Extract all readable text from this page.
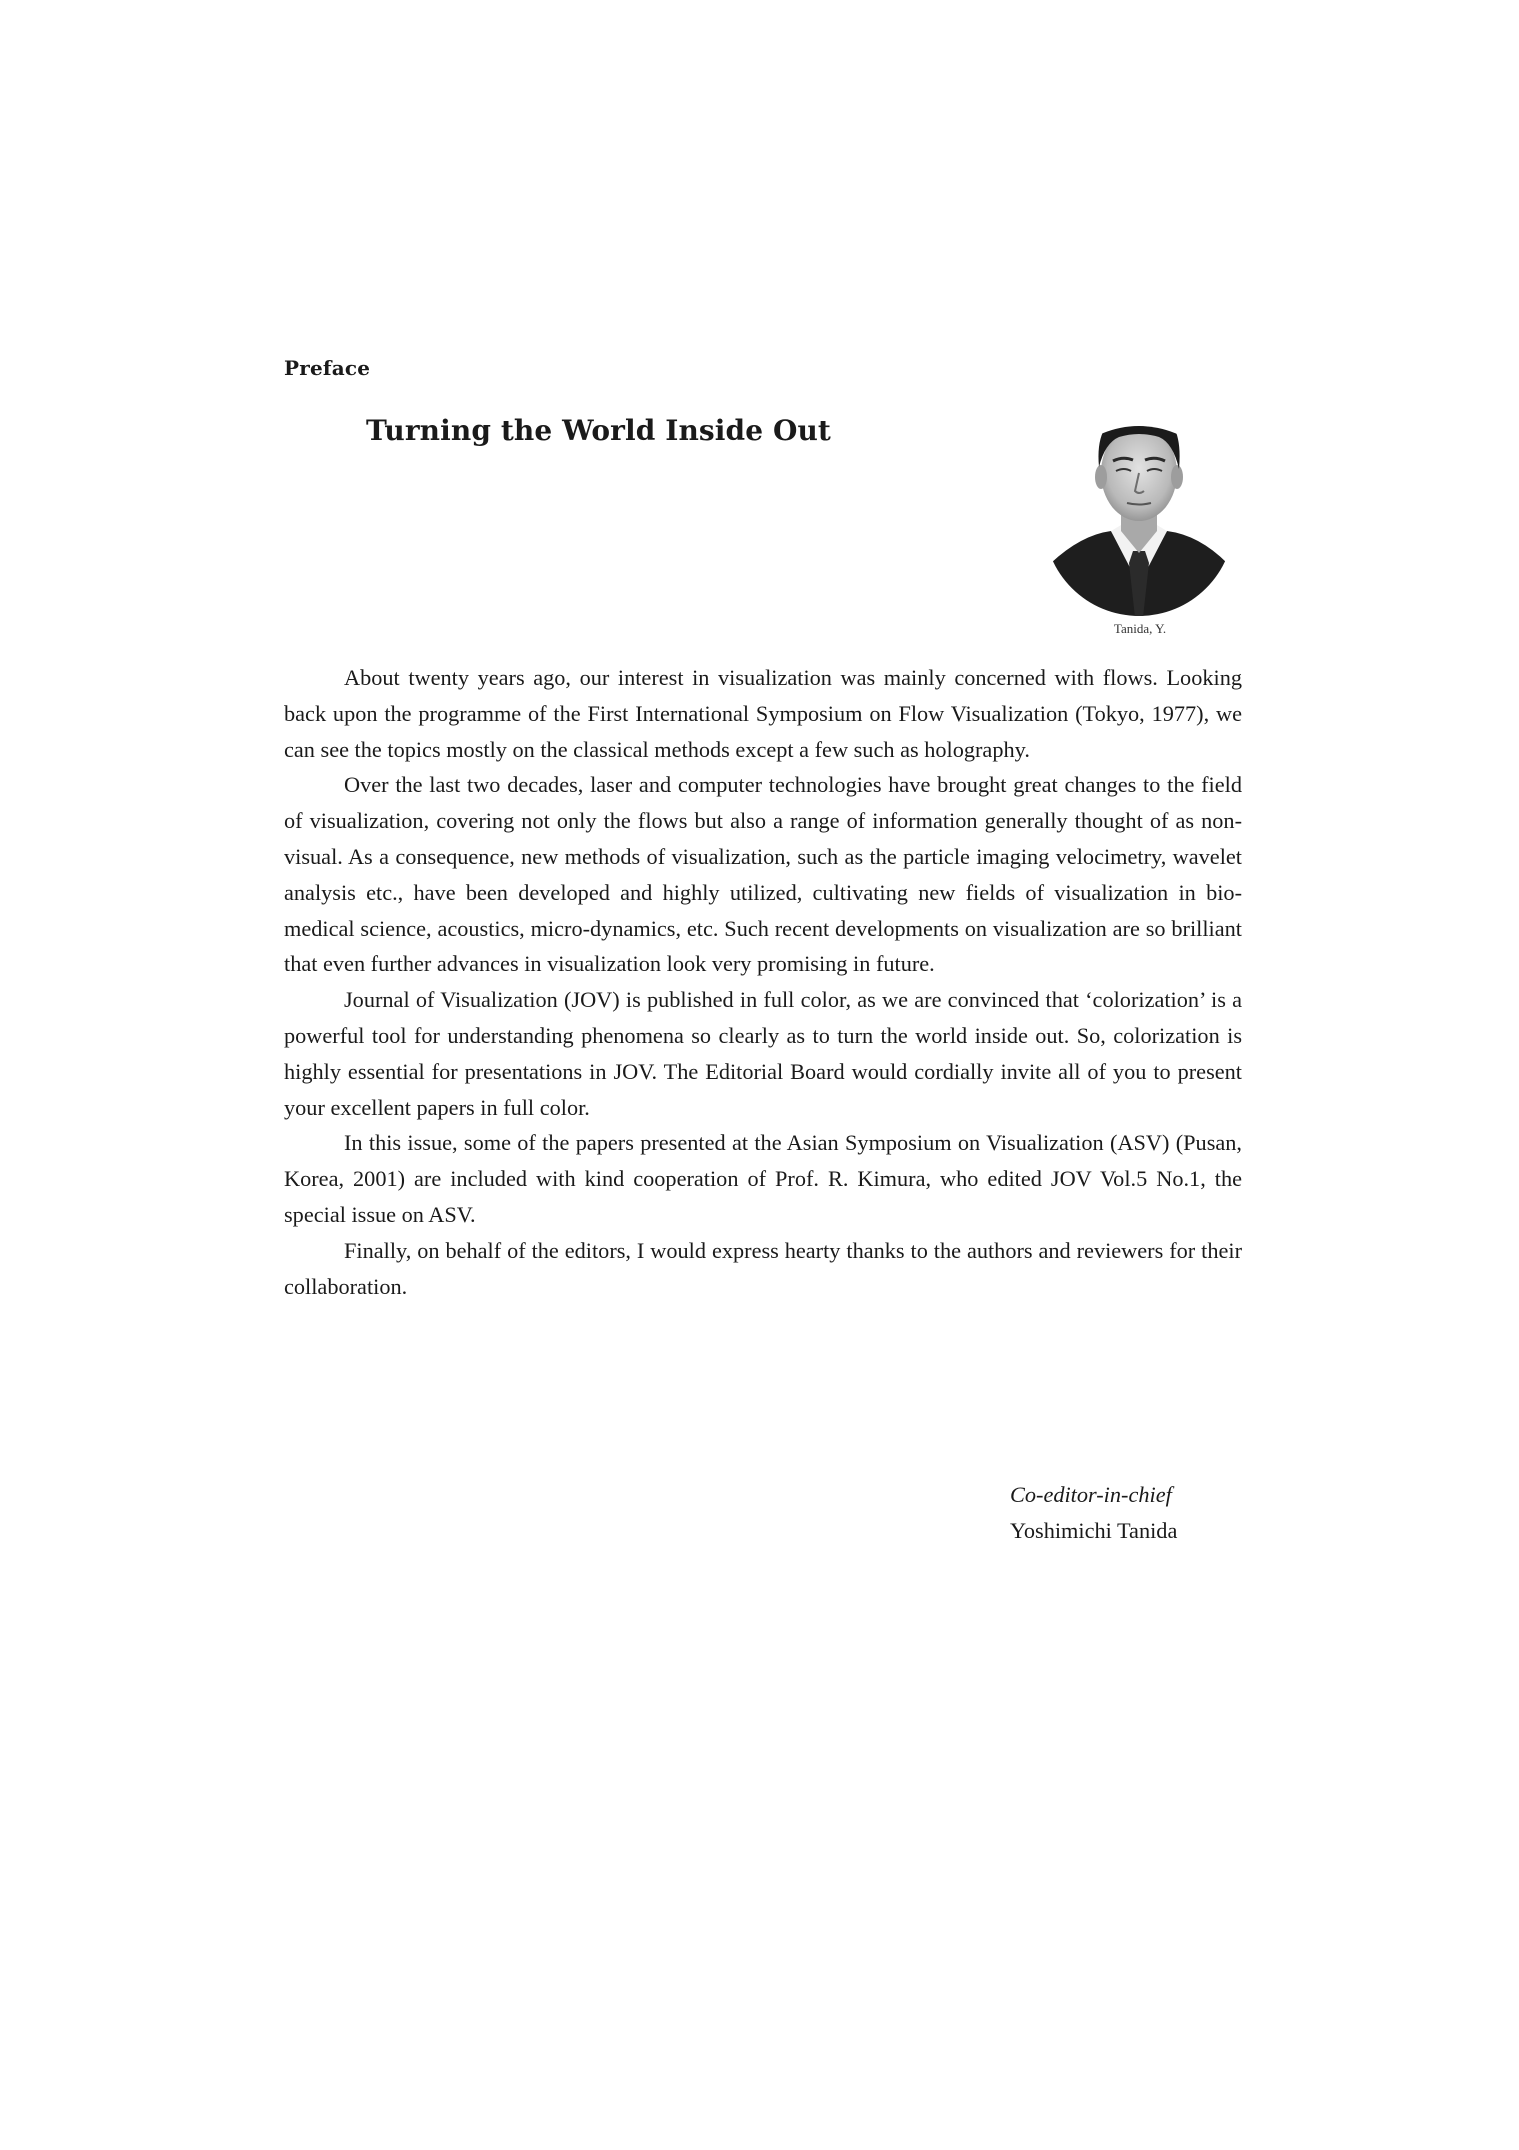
Preface
Turning the World Inside Out
Tanida, Y.

About twenty years ago, our interest in visualization was mainly concerned with flows. Looking back upon the programme of the First International Symposium on Flow Visualization (Tokyo, 1977), we can see the topics mostly on the classical methods except a few such as holography.

Over the last two decades, laser and computer technologies have brought great changes to the field of visualization, covering not only the flows but also a range of information generally thought of as non-visual. As a consequence, new methods of visualization, such as the particle imaging velocimetry, wavelet analysis etc., have been developed and highly utilized, cultivating new fields of visualization in bio-medical science, acoustics, micro-dynamics, etc. Such recent developments on visualization are so brilliant that even further advances in visualization look very promising in future.

Journal of Visualization (JOV) is published in full color, as we are convinced that ‘colorization’ is a powerful tool for understanding phenomena so clearly as to turn the world inside out. So, colorization is highly essential for presentations in JOV. The Editorial Board would cordially invite all of you to present your excellent papers in full color.

In this issue, some of the papers presented at the Asian Symposium on Visualization (ASV) (Pusan, Korea, 2001) are included with kind cooperation of Prof. R. Kimura, who edited JOV Vol.5 No.1, the special issue on ASV.

Finally, on behalf of the editors, I would express hearty thanks to the authors and reviewers for their collaboration.

Co-editor-in-chief
Yoshimichi Tanida
